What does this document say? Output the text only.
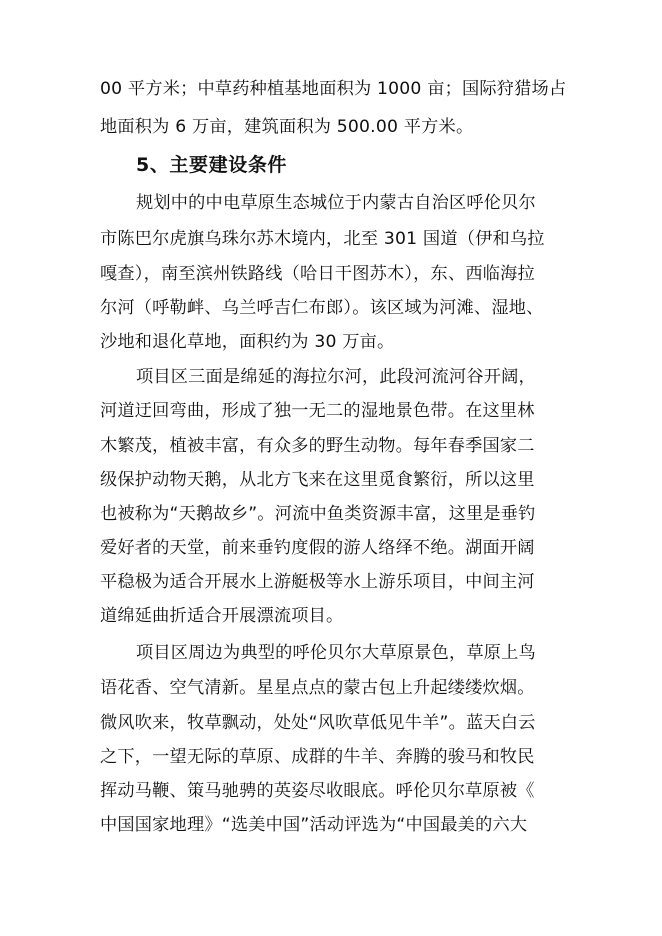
00 平方米；中草药种植基地面积为 1000 亩；国际狩猎场占
地面积为 6 万亩，建筑面积为 500.00 平方米。
5、主要建设条件
规划中的中电草原生态城位于内蒙古自治区呼伦贝尔
市陈巴尔虎旗乌珠尔苏木境内，北至 301 国道（伊和乌拉
嘎查），南至滨州铁路线（哈日干图苏木），东、西临海拉
尔河（呼勒衅、乌兰呼吉仁布郎）。该区域为河滩、湿地、
沙地和退化草地，面积约为 30 万亩。
项目区三面是绵延的海拉尔河，此段河流河谷开阔，
河道迂回弯曲，形成了独一无二的湿地景色带。在这里林
木繁茂，植被丰富，有众多的野生动物。每年春季国家二
级保护动物天鹅，从北方飞来在这里觅食繁衍，所以这里
也被称为“天鹅故乡”。河流中鱼类资源丰富，这里是垂钓
爱好者的天堂，前来垂钓度假的游人络绎不绝。湖面开阔
平稳极为适合开展水上游艇极等水上游乐项目，中间主河
道绵延曲折适合开展漂流项目。
项目区周边为典型的呼伦贝尔大草原景色，草原上鸟
语花香、空气清新。星星点点的蒙古包上升起缕缕炊烟。
微风吹来，牧草飘动，处处“风吹草低见牛羊”。蓝天白云
之下，一望无际的草原、成群的牛羊、奔腾的骏马和牧民
挥动马鞭、策马驰骋的英姿尽收眼底。呼伦贝尔草原被《
中国国家地理》“选美中国”活动评选为“中国最美的六大
